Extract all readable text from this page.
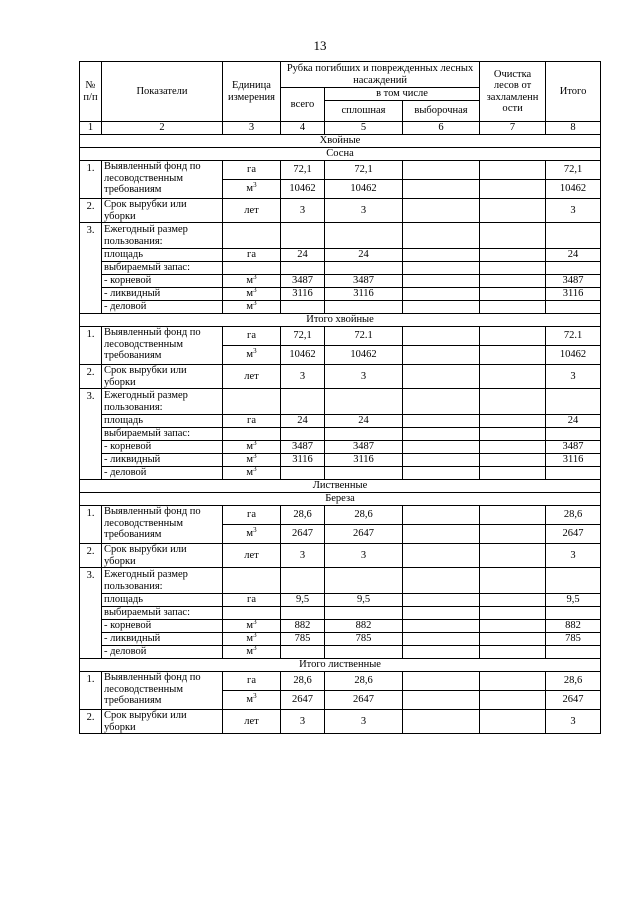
13
№ п/п	Показатели	Единица измерения	Рубка погибших и поврежденных лесных насаждений			Очистка лесов от захламленн ости	Итого
			всего	в том числе			
				сплошная	выборочная		
1	2	3	4	5	6	7	8
Хвойные							
Сосна							
1.	Выявленный фонд по лесоводственным требованиям	га	72,1	72,1			72,1
		$м^3$	10462	10462			10462
2.	Срок вырубки или уборки	лет	3	3			3
3.	Ежегодный размер пользования:						
	площадь	га	24	24			24
	выбираемый запас:						
	- корневой	$м^3$	3487	3487			3487
	- ликвидный	$м^3$	3116	3116			3116
	- деловой	$м^3$					
Итого хвойные							
1.	Выявленный фонд по лесоводственным требованиям	га	72,1	72.1			72.1
		$м^3$	10462	10462			10462
2.	Срок вырубки или уборки	лет	3	3			3
3.	Ежегодный размер пользования:						
	площадь	га	24	24			24
	выбираемый запас:						
	- корневой	$м^3$	3487	3487			3487
	- ликвидный	$м^3$	3116	3116			3116
	- деловой	$м^3$					
Лиственные							
Береза							
1.	Выявленный фонд по лесоводственным требованиям	га	28,6	28,6			28,6
		$м^3$	2647	2647			2647
2.	Срок вырубки или уборки	лет	3	3			3
3.	Ежегодный размер пользования:						
	площадь	га	9,5	9,5			9,5
	выбираемый запас:						
	- корневой	$м^3$	882	882			882
	- ликвидный	$м^3$	785	785			785
	- деловой	$м^3$					
Итого лиственные							
1.	Выявленный фонд по лесоводственным требованиям	га	28,6	28,6			28,6
		$м^3$	2647	2647			2647
2.	Срок вырубки или уборки	лет	3	3			3
